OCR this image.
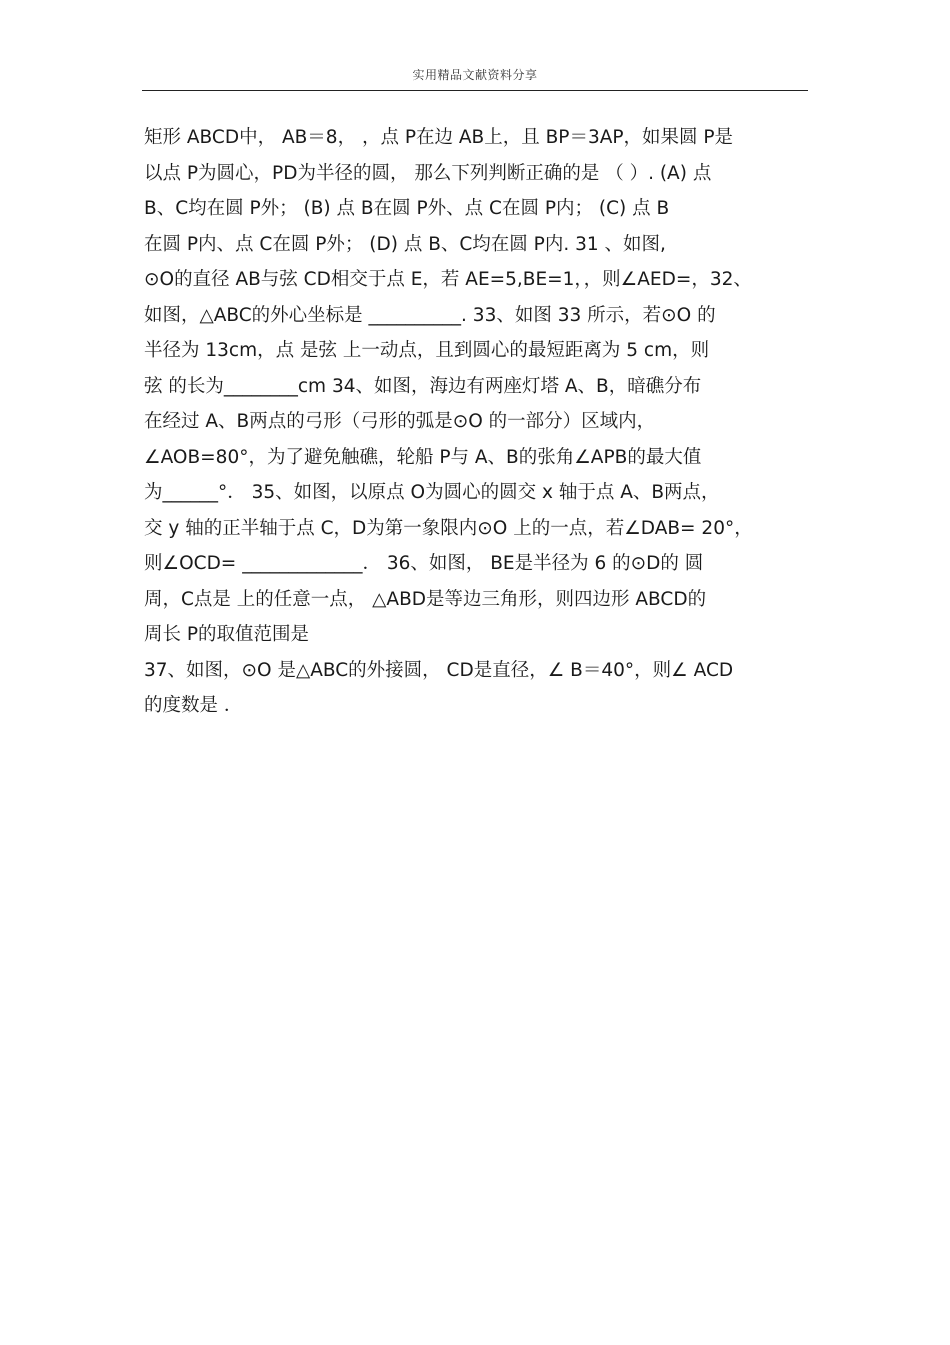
实用精品文献资料分享
矩形 ABCD中， AB＝8， ，点 P在边 AB上，且 BP＝3AP，如果圆 P是
以点 P为圆心，PD为半径的圆， 那么下列判断正确的是 （ ）. (A) 点
B、C均在圆 P外； (B) 点 B在圆 P外、点 C在圆 P内； (C) 点 B
在圆 P内、点 C在圆 P外； (D) 点 B、C均在圆 P内. 31 、如图,
⊙O的直径 AB与弦 CD相交于点 E，若 AE=5,BE=1，，则∠AED=，32、
如图，△ABC的外心坐标是 __________. 33、如图 33 所示，若⊙O 的
半径为 13cm，点 是弦 上一动点，且到圆心的最短距离为 5 cm，则
弦 的长为________cm 34、如图，海边有两座灯塔 A、B，暗礁分布
在经过 A、B两点的弓形（弓形的弧是⊙O 的一部分）区域内，
∠AOB=80°，为了避免触礁，轮船 P与 A、B的张角∠APB的最大值
为______°． 35、如图，以原点 O为圆心的圆交 x 轴于点 A、B两点，
交 y 轴的正半轴于点 C，D为第一象限内⊙O 上的一点，若∠DAB= 20°，
则∠OCD= _____________． 36、如图， BE是半径为 6 的⊙D的 圆
周，C点是 上的任意一点， △ABD是等边三角形，则四边形 ABCD的
周长 P的取值范围是
37、如图，⊙O 是△ABC的外接圆， CD是直径，∠ B＝40°，则∠ ACD
的度数是 ．
